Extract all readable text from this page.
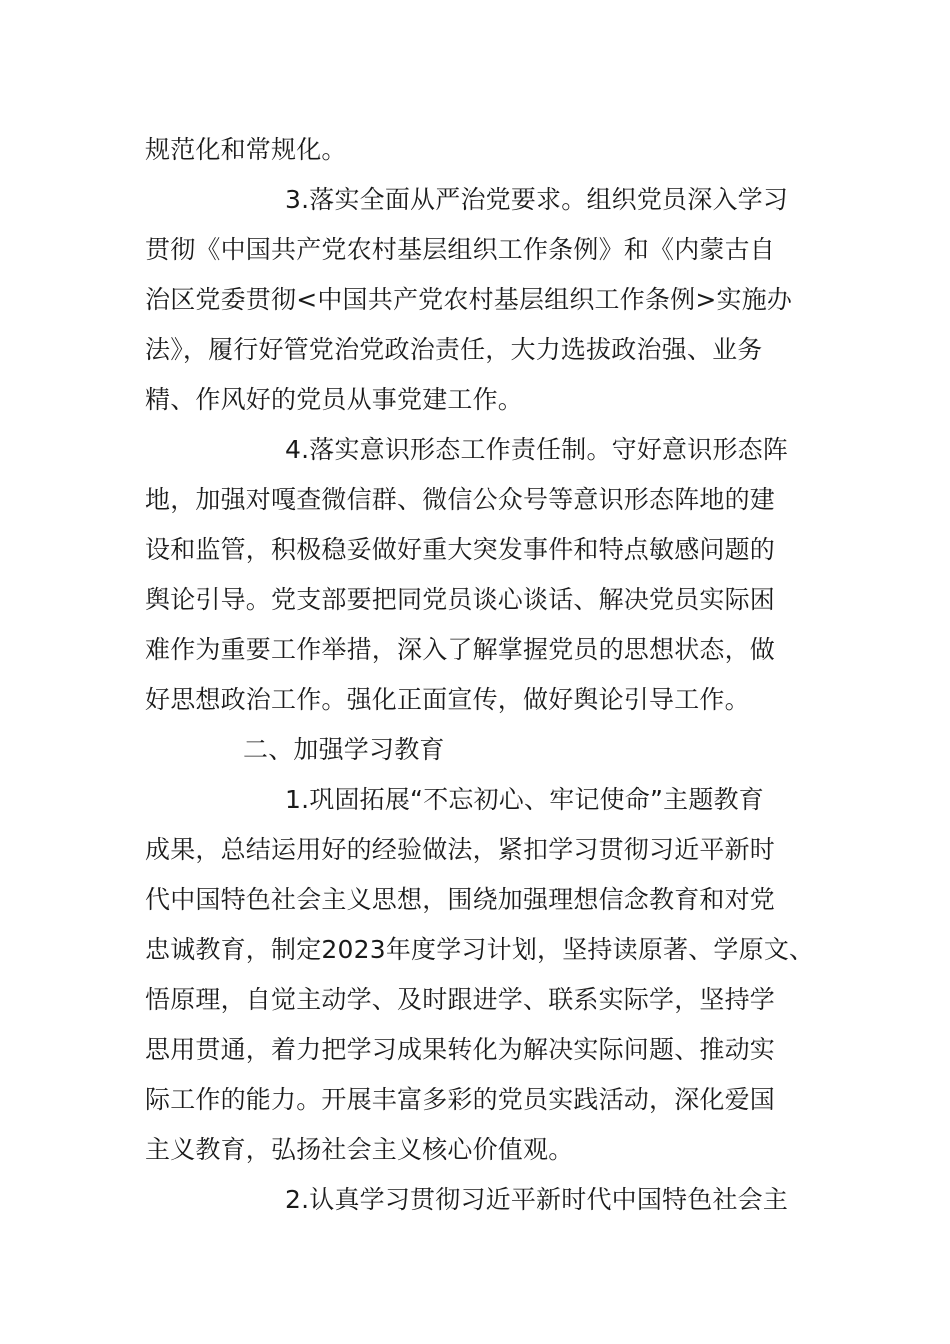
规范化和常规化。
3.落实全面从严治党要求。组织党员深入学习
贯彻《中国共产党农村基层组织工作条例》和《内蒙古自
治区党委贯彻<中国共产党农村基层组织工作条例>实施办
法》，履行好管党治党政治责任，大力选拔政治强、业务
精、作风好的党员从事党建工作。
4.落实意识形态工作责任制。守好意识形态阵
地，加强对嘎查微信群、微信公众号等意识形态阵地的建
设和监管，积极稳妥做好重大突发事件和特点敏感问题的
舆论引导。党支部要把同党员谈心谈话、解决党员实际困
难作为重要工作举措，深入了解掌握党员的思想状态，做
好思想政治工作。强化正面宣传，做好舆论引导工作。
二、加强学习教育
1.巩固拓展“不忘初心、牢记使命”主题教育
成果，总结运用好的经验做法，紧扣学习贯彻习近平新时
代中国特色社会主义思想，围绕加强理想信念教育和对党
忠诚教育，制定2023年度学习计划，坚持读原著、学原文、
悟原理，自觉主动学、及时跟进学、联系实际学，坚持学
思用贯通，着力把学习成果转化为解决实际问题、推动实
际工作的能力。开展丰富多彩的党员实践活动，深化爱国
主义教育，弘扬社会主义核心价值观。
2.认真学习贯彻习近平新时代中国特色社会主
